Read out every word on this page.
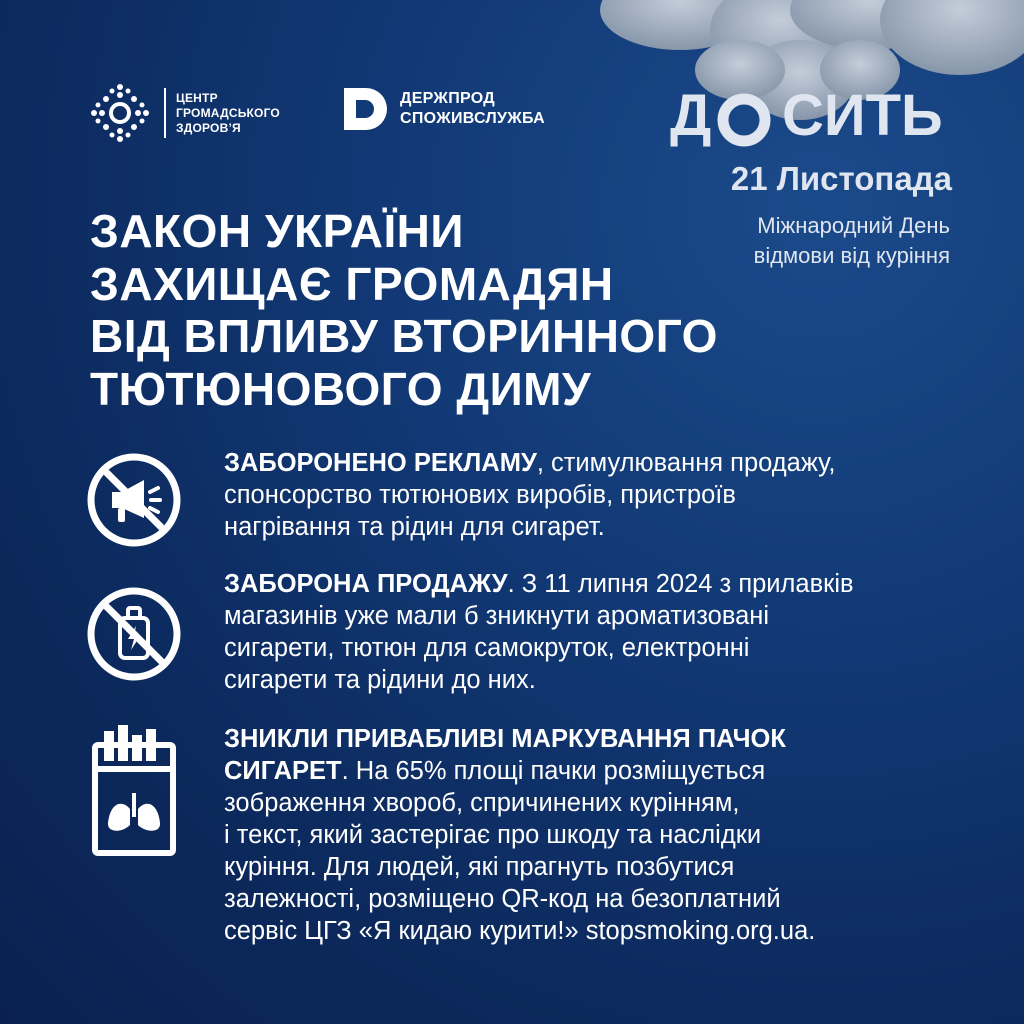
ЦЕНТР
ГРОМАДСЬКОГО
ЗДОРОВ’Я
ДЕРЖПРОД
СПОЖИВСЛУЖБА Д СИТЬ
21 Листопада
Міжнародний День
відмови від куріння
ЗАКОН УКРАЇНИ
ЗАХИЩАЄ ГРОМАДЯН
ВІД ВПЛИВУ ВТОРИННОГО
ТЮТЮНОВОГО ДИМУ
ЗАБОРОНЕНО РЕКЛАМУ, стимулювання продажу,
спонсорство тютюнових виробів, пристроїв
нагрівання та рідин для сигарет.
ЗАБОРОНА ПРОДАЖУ. З 11 липня 2024 з прилавків
магазинів уже мали б зникнути ароматизовані
сигарети, тютюн для самокруток, електронні
сигарети та рідини до них.
ЗНИКЛИ ПРИВАБЛИВІ МАРКУВАННЯ ПАЧОК
СИГАРЕТ. На 65% площі пачки розміщується
зображення хвороб, спричинених курінням,
і текст, який застерігає про шкоду та наслідки
куріння. Для людей, які прагнуть позбутися
залежності, розміщено QR-код на безоплатний
сервіс ЦГЗ «Я кидаю курити!» stopsmoking.org.ua.
